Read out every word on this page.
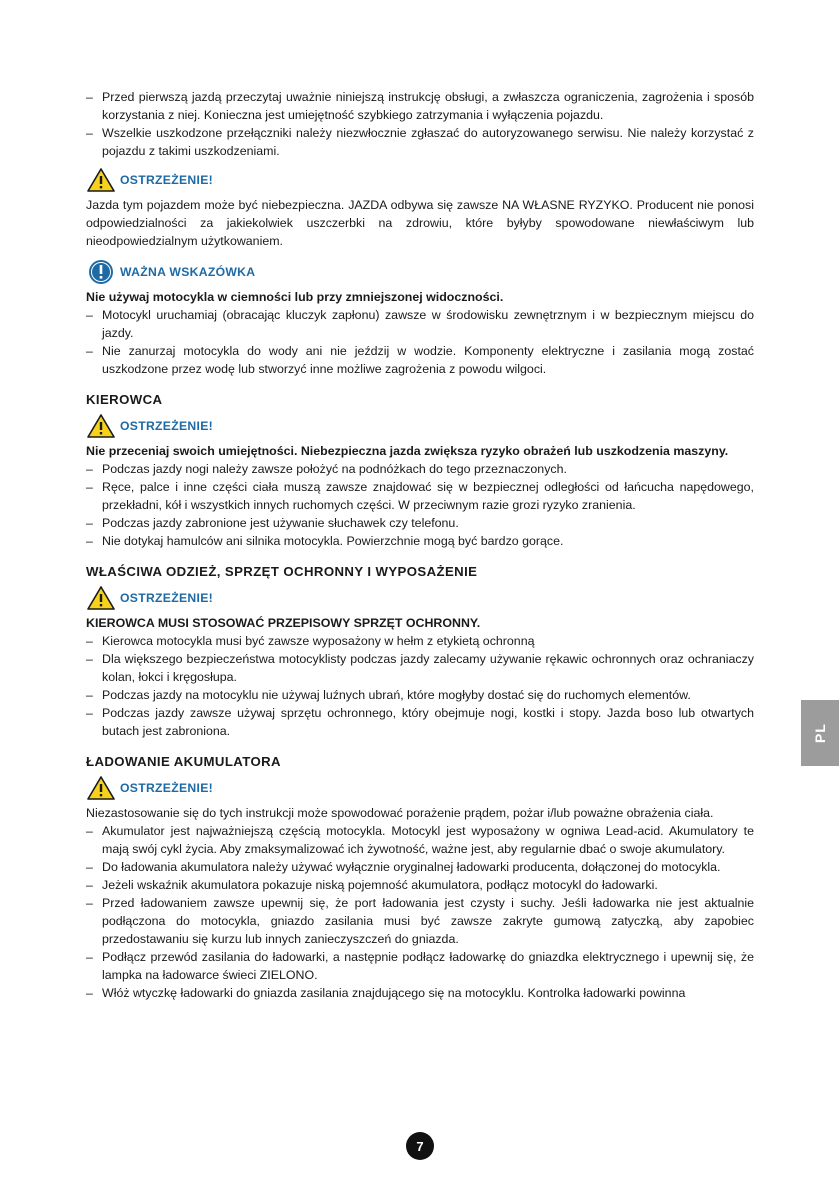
– Przed pierwszą jazdą przeczytaj uważnie niniejszą instrukcję obsługi, a zwłaszcza ograniczenia, zagrożenia i sposób korzystania z niej. Konieczna jest umiejętność szybkiego zatrzymania i wyłączenia pojazdu.
– Wszelkie uszkodzone przełączniki należy niezwłocznie zgłaszać do autoryzowanego serwisu. Nie należy korzystać z pojazdu z takimi uszkodzeniami.
OSTRZEŻENIE!
Jazda tym pojazdem może być niebezpieczna. JAZDA odbywa się zawsze NA WŁASNE RYZYKO. Producent nie ponosi odpowiedzialności za jakiekolwiek uszczerbki na zdrowiu, które byłyby spowodowane niewłaściwym lub nieodpowiedzialnym użytkowaniem.
WAŻNA WSKAZÓWKA
Nie używaj motocykla w ciemności lub przy zmniejszonej widoczności.
– Motocykl uruchamiaj (obracając kluczyk zapłonu) zawsze w środowisku zewnętrznym i w bezpiecznym miejscu do jazdy.
– Nie zanurzaj motocykla do wody ani nie jeździj w wodzie. Komponenty elektryczne i zasilania mogą zostać uszkodzone przez wodę lub stworzyć inne możliwe zagrożenia z powodu wilgoci.
KIEROWCA
OSTRZEŻENIE!
Nie przeceniaj swoich umiejętności. Niebezpieczna jazda zwiększa ryzyko obrażeń lub uszkodzenia maszyny.
– Podczas jazdy nogi należy zawsze położyć na podnóżkach do tego przeznaczonych.
– Ręce, palce i inne części ciała muszą zawsze znajdować się w bezpiecznej odległości od łańcucha napędowego, przekładni, kół i wszystkich innych ruchomych części. W przeciwnym razie grozi ryzyko zranienia.
– Podczas jazdy zabronione jest używanie słuchawek czy telefonu.
– Nie dotykaj hamulców ani silnika motocykla. Powierzchnie mogą być bardzo gorące.
WŁAŚCIWA ODZIEŻ, SPRZĘT OCHRONNY I WYPOSAŻENIE
OSTRZEŻENIE!
KIEROWCA MUSI STOSOWAĆ PRZEPISOWY SPRZĘT OCHRONNY.
– Kierowca motocykla musi być zawsze wyposażony w hełm z etykietą ochronną
– Dla większego bezpieczeństwa motocyklisty podczas jazdy zalecamy używanie rękawic ochronnych oraz ochraniaczy kolan, łokci i kręgosłupa.
– Podczas jazdy na motocyklu nie używaj luźnych ubrań, które mogłyby dostać się do ruchomych elementów.
– Podczas jazdy zawsze używaj sprzętu ochronnego, który obejmuje nogi, kostki i stopy. Jazda boso lub otwartych butach jest zabroniona.
ŁADOWANIE AKUMULATORA
OSTRZEŻENIE!
Niezastosowanie się do tych instrukcji może spowodować porażenie prądem, pożar i/lub poważne obrażenia ciała.
– Akumulator jest najważniejszą częścią motocykla. Motocykl jest wyposażony w ogniwa Lead-acid. Akumulatory te mają swój cykl życia. Aby zmaksymalizować ich żywotność, ważne jest, aby regularnie dbać o swoje akumulatory.
– Do ładowania akumulatora należy używać wyłącznie oryginalnej ładowarki producenta, dołączonej do motocykla.
– Jeżeli wskaźnik akumulatora pokazuje niską pojemność akumulatora, podłącz motocykl do ładowarki.
– Przed ładowaniem zawsze upewnij się, że port ładowania jest czysty i suchy. Jeśli ładowarka nie jest aktualnie podłączona do motocykla, gniazdo zasilania musi być zawsze zakryte gumową zatyczką, aby zapobiec przedostawaniu się kurzu lub innych zanieczyszczeń do gniazda.
– Podłącz przewód zasilania do ładowarki, a następnie podłącz ładowarkę do gniazdka elektrycznego i upewnij się, że lampka na ładowarce świeci ZIELONO.
– Włóż wtyczkę ładowarki do gniazda zasilania znajdującego się na motocyklu. Kontrolka ładowarki powinna
PL
7
